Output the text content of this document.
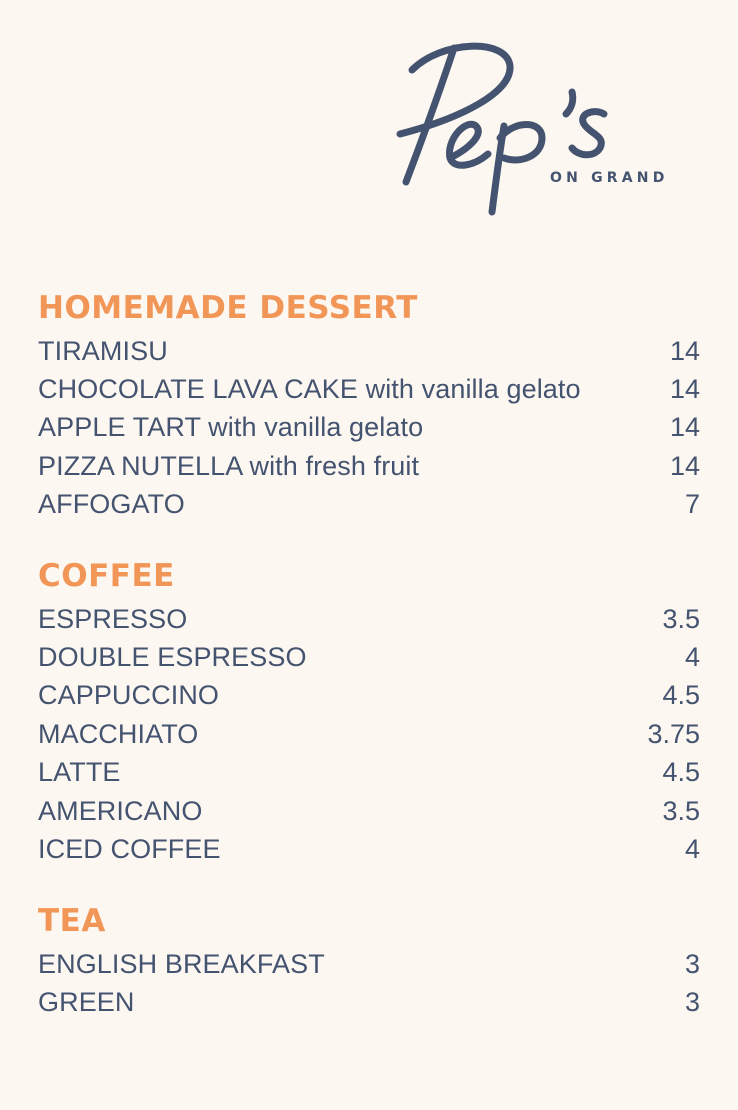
ON GRAND
HOMEMADE DESSERT
TIRAMISU	14
CHOCOLATE LAVA CAKE with vanilla gelato	14
APPLE TART with vanilla gelato	14
PIZZA NUTELLA with fresh fruit	14
AFFOGATO	7
COFFEE
ESPRESSO	3.5
DOUBLE ESPRESSO	4
CAPPUCCINO	4.5
MACCHIATO	3.75
LATTE	4.5
AMERICANO	3.5
ICED COFFEE	4
TEA
ENGLISH BREAKFAST	3
GREEN	3
